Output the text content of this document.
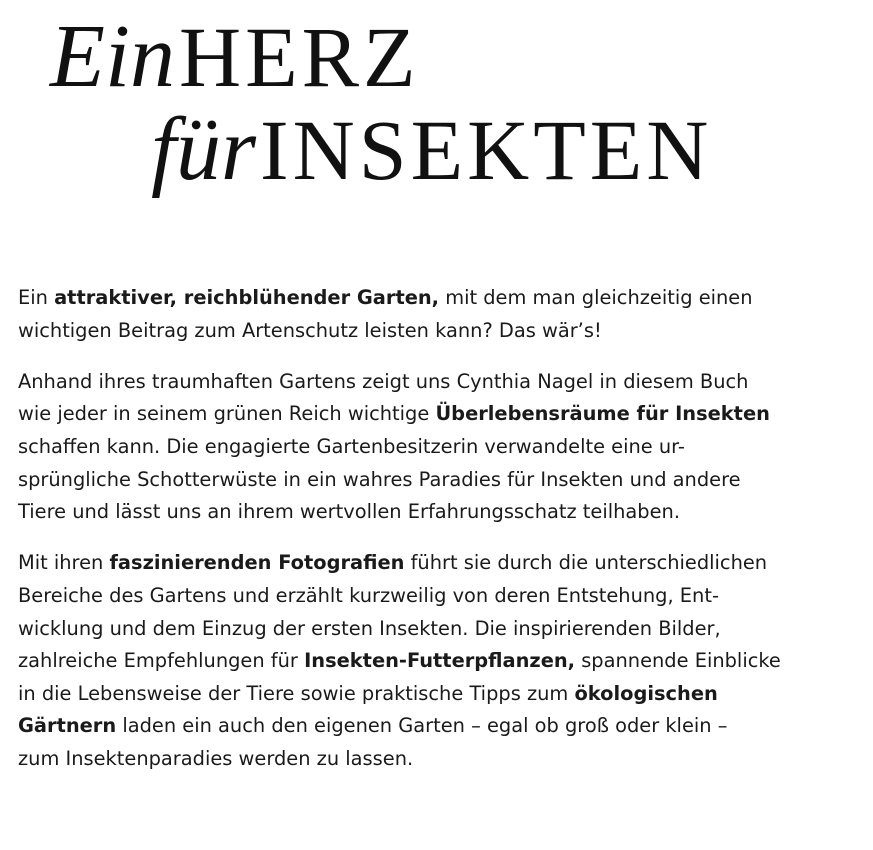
Ein HERZ
für INSEKTEN
Ein attraktiver, reichblühender Garten, mit dem man gleichzeitig einen
wichtigen Beitrag zum Artenschutz leisten kann? Das wär’s!
Anhand ihres traumhaften Gartens zeigt uns Cynthia Nagel in diesem Buch
wie jeder in seinem grünen Reich wichtige Überlebensräume für Insekten
schaffen kann. Die engagierte Gartenbesitzerin verwandelte eine ur-
sprüngliche Schotterwüste in ein wahres Paradies für Insekten und andere
Tiere und lässt uns an ihrem wertvollen Erfahrungsschatz teilhaben.
Mit ihren faszinierenden Fotografien führt sie durch die unterschiedlichen
Bereiche des Gartens und erzählt kurzweilig von deren Entstehung, Ent-
wicklung und dem Einzug der ersten Insekten. Die inspirierenden Bilder,
zahlreiche Empfehlungen für Insekten-Futterpflanzen, spannende Einblicke
in die Lebensweise der Tiere sowie praktische Tipps zum ökologischen
Gärtnern laden ein auch den eigenen Garten – egal ob groß oder klein –
zum Insektenparadies werden zu lassen.
